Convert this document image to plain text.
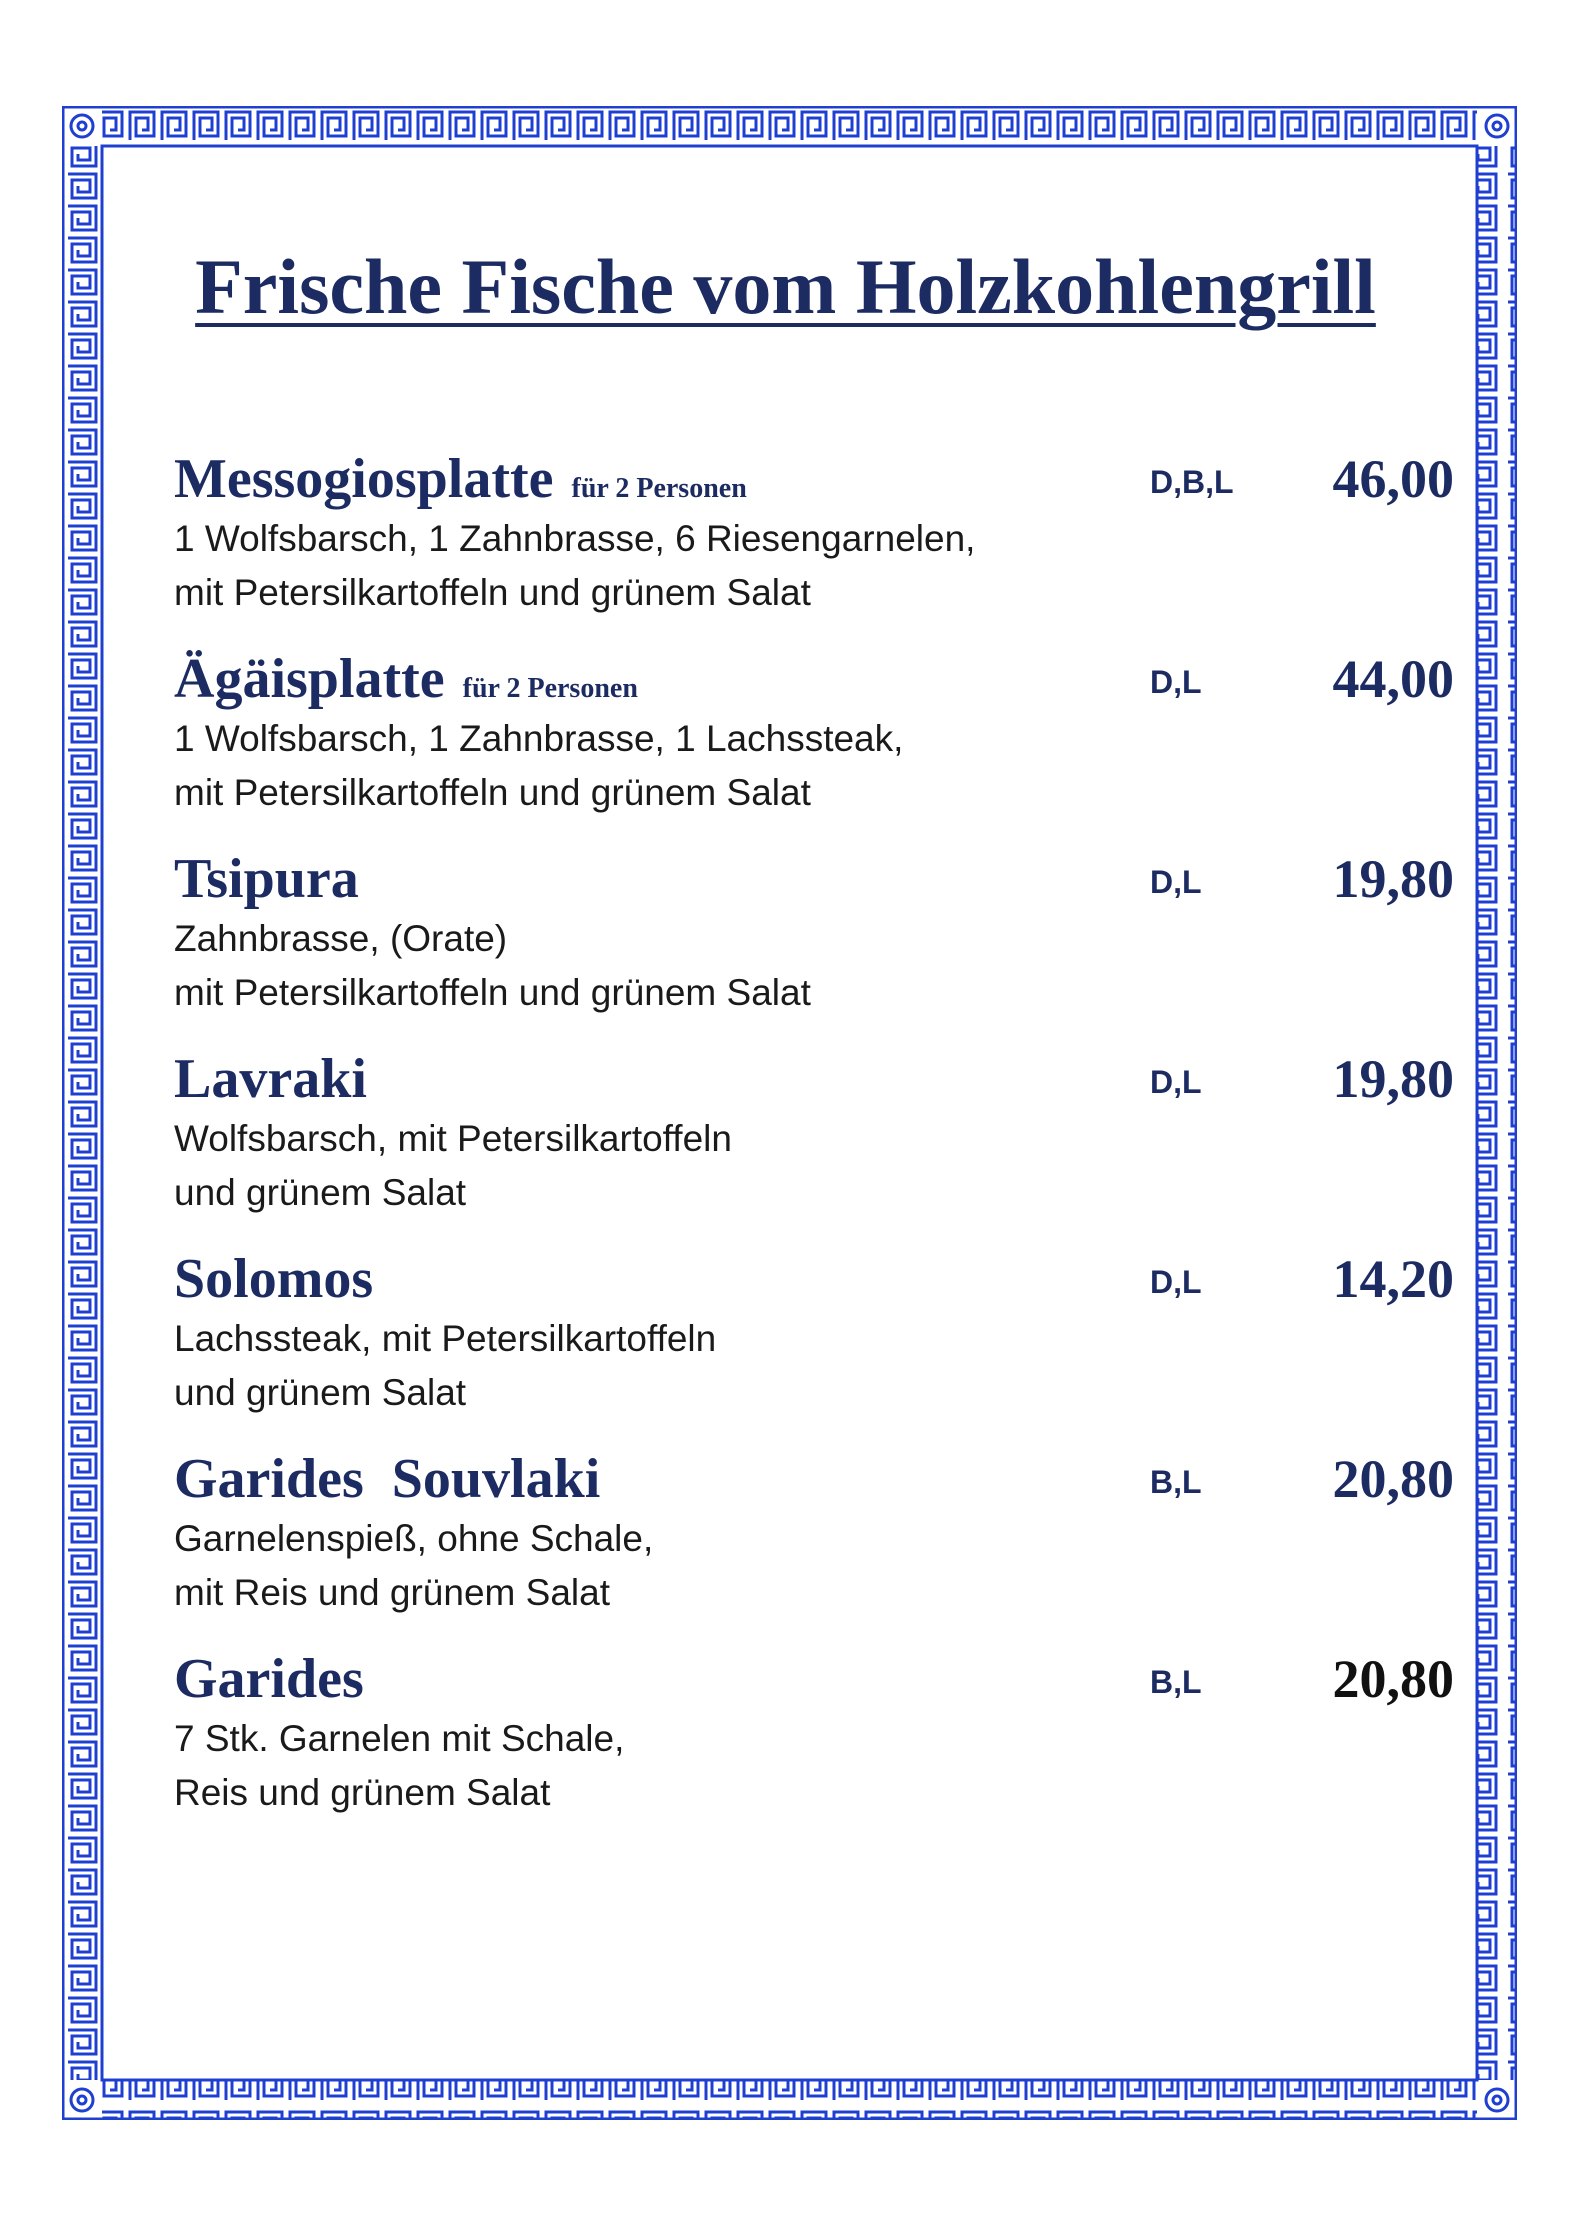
Frische Fische vom Holzkohlengrill
Messogiosplatte für 2 Personen	D,B,L 46,00

1 Wolfsbarsch, 1 Zahnbrasse, 6 Riesengarnelen,

mit Petersilkartoffeln und grünem Salat

Ägäisplatte für 2 Personen	D,L 44,00

1 Wolfsbarsch, 1 Zahnbrasse, 1 Lachssteak,

mit Petersilkartoffeln und grünem Salat

Tsipura	D,L 19,80

Zahnbrasse, (Orate)

mit Petersilkartoffeln und grünem Salat

Lavraki	D,L 19,80

Wolfsbarsch, mit Petersilkartoffeln

und grünem Salat

Solomos	D,L 14,20

Lachssteak, mit Petersilkartoffeln

und grünem Salat

Garides  Souvlaki	B,L 20,80

Garnelenspieß, ohne Schale,

mit Reis und grünem Salat

Garides	B,L 20,80

7 Stk. Garnelen mit Schale,

Reis und grünem Salat
